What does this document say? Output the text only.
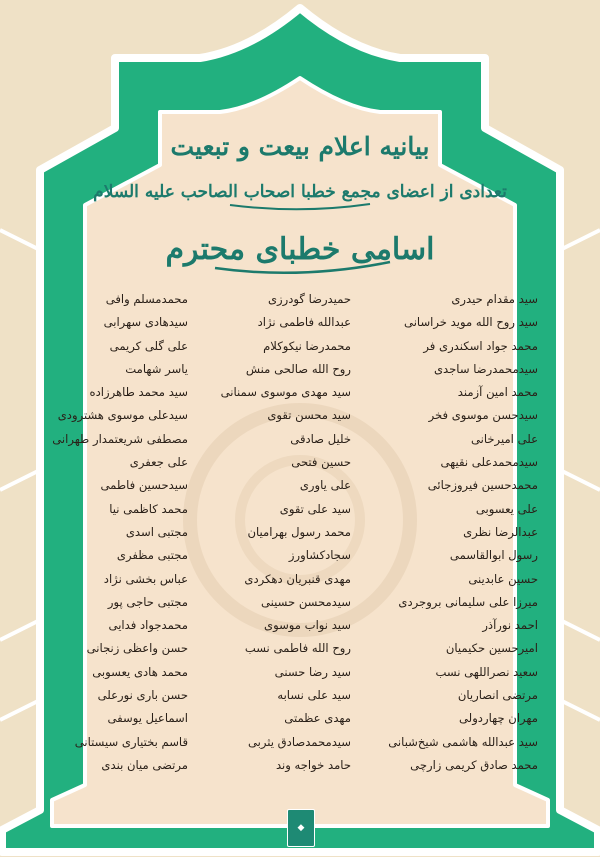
بیانیه اعلام بیعت و تبعیت
تعدادی از اعضای مجمع خطبا اصحاب الصاحب علیه السلام
اسامی خطبای محترم
سید مقدام حیدری
سید روح الله موید خراسانی
محمد جواد اسکندری فر
سیدمحمدرضا ساجدی
محمد امین آزمند
سیدحسن موسوی فخر
علی امیرخانی
سیدمحمدعلی نقیهی
محمدحسین فیروزجائی
علی یعسوبی
عبدالرضا نظری
رسول ابوالقاسمی
حسین عابدینی
میرزا علی سلیمانی بروجردی
احمد نورآذر
امیرحسین حکیمیان
سعید نصراللهی نسب
مرتضی انصاریان
مهران چهاردولی
سید عبدالله هاشمی شیخ‌شبانی
محمد صادق کریمی زارچی
حمیدرضا گودرزی
عبدالله فاطمی نژاد
محمدرضا نیکوکلام
روح الله صالحی منش
سید مهدی موسوی سمنانی
سید محسن تقوی
خلیل صادقی
حسین فتحی
علی یاوری
سید علی تقوی
محمد رسول بهرامیان
سجادکشاورز
مهدی قنبریان دهکردی
سیدمحسن حسینی
سید نواب موسوی
روح الله فاطمی نسب
سید رضا حسنی
سید علی نسابه
مهدی عظمتی
سیدمحمدصادق یثربی
حامد خواجه وند
محمدمسلم وافی
سیدهادی سهرابی
علی گلی کریمی
یاسر شهامت
سید محمد طاهرزاده
سیدعلی موسوی هشترودی
مصطفی شریعتمدار طهرانی
علی جعفری
سیدحسین فاطمی
محمد کاظمی نیا
مجتبی اسدی
مجتبی مظفری
عباس بخشی نژاد
مجتبی حاجی پور
محمدجواد فدایی
حسن واعظی زنجانی
محمد هادی یعسوبی
حسن باری نورعلی
اسماعیل یوسفی
قاسم بختیاری سیستانی
مرتضی میان بندی
◆
